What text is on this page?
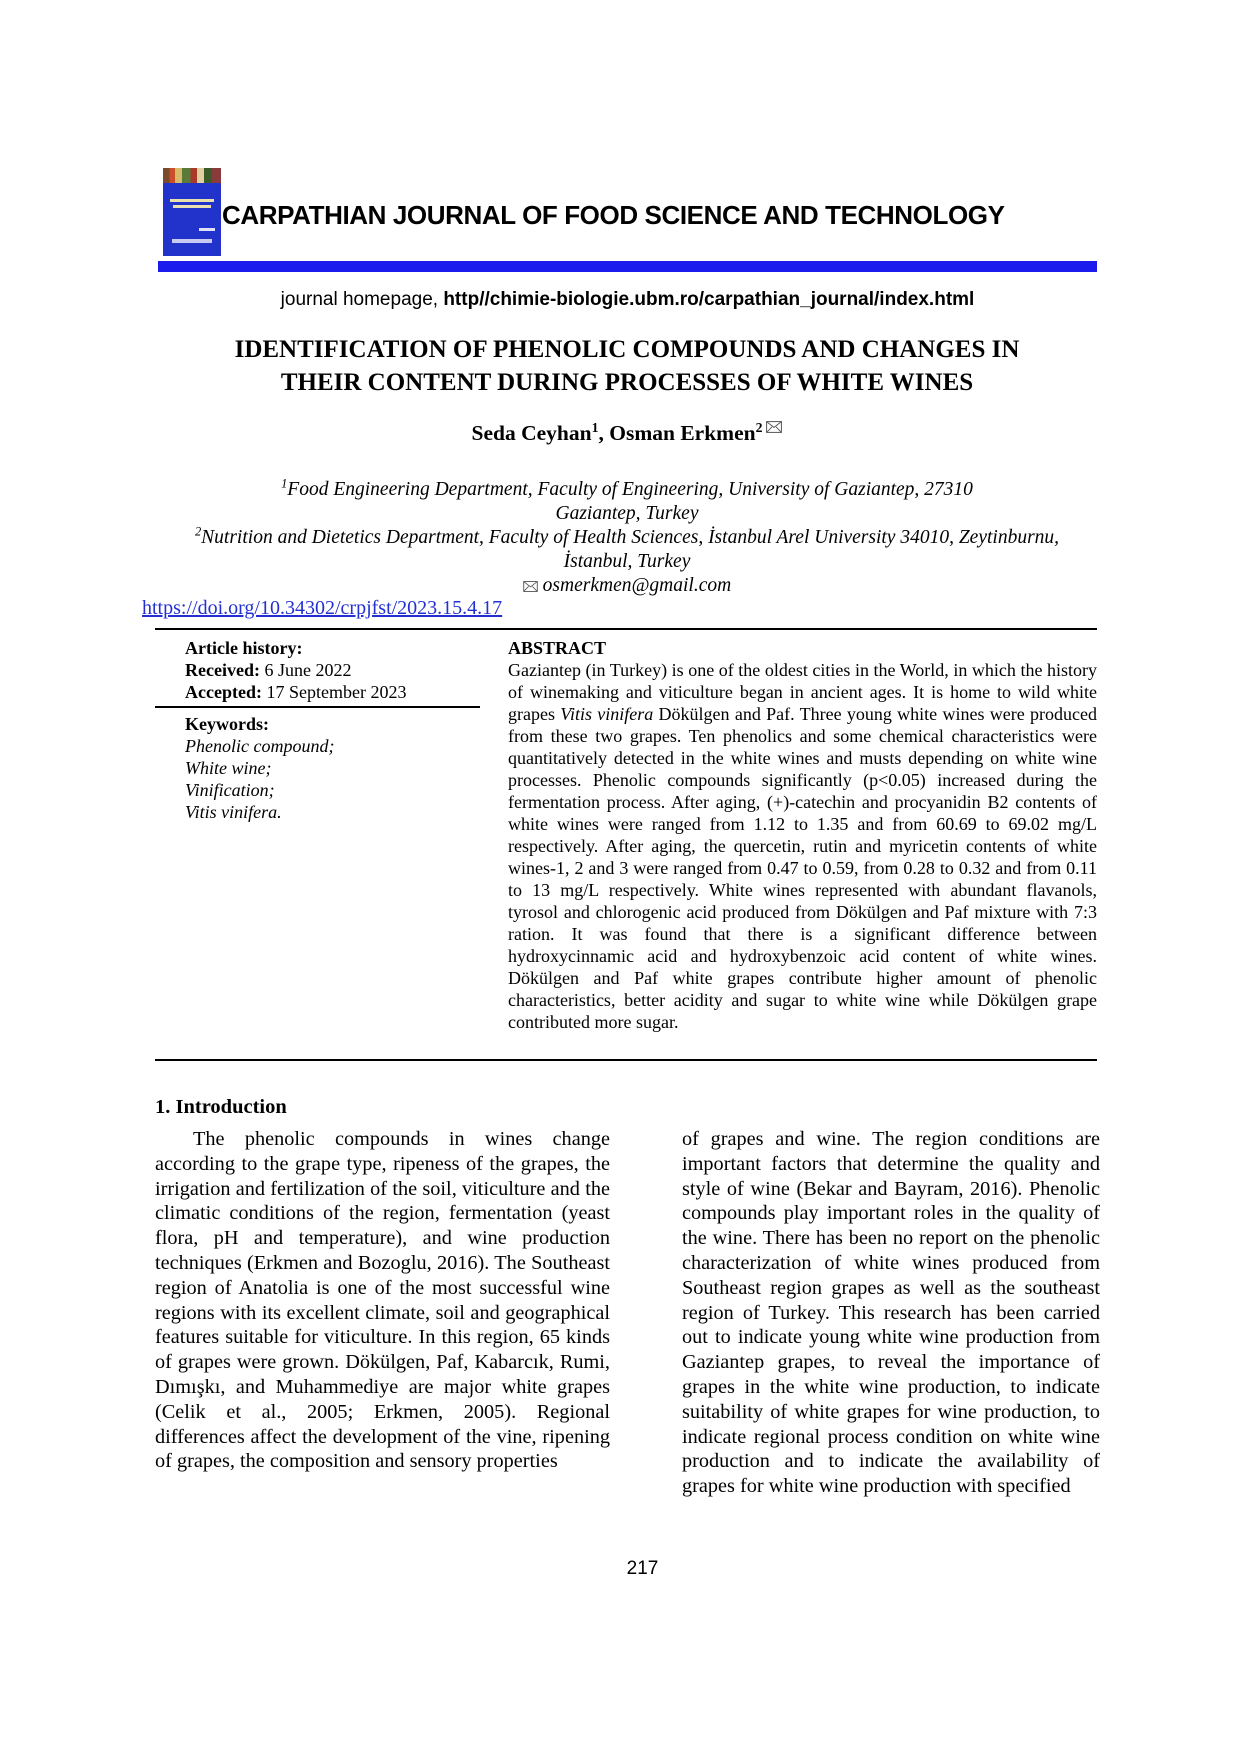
CARPATHIAN JOURNAL OF FOOD SCIENCE AND TECHNOLOGY
journal homepage, http//chimie-biologie.ubm.ro/carpathian_journal/index.html
IDENTIFICATION OF PHENOLIC COMPOUNDS AND CHANGES IN
THEIR CONTENT DURING PROCESSES OF WHITE WINES
Seda Ceyhan$^1$, Osman Erkmen$^2$
$^1$Food Engineering Department, Faculty of Engineering, University of Gaziantep, 27310
Gaziantep, Turkey
$^2$Nutrition and Dietetics Department, Faculty of Health Sciences, İstanbul Arel University 34010, Zeytinburnu,
İstanbul, Turkey
osmerkmen@gmail.com
https://doi.org/10.34302/crpjfst/2023.15.4.17
Article history:
Received: 6 June 2022
Accepted: 17 September 2023
Keywords:
Phenolic compound;
White wine;
Vinification;
Vitis vinifera.
ABSTRACT
Gaziantep (in Turkey) is one of the oldest cities in the World, in which the history of winemaking and viticulture began in ancient ages. It is home to wild white grapes Vitis vinifera Dökülgen and Paf. Three young white wines were produced from these two grapes. Ten phenolics and some chemical characteristics were quantitatively detected in the white wines and musts depending on white wine processes. Phenolic compounds significantly (p<0.05) increased during the fermentation process. After aging, (+)-catechin and procyanidin B2 contents of white wines were ranged from 1.12 to 1.35 and from 60.69 to 69.02 mg/L respectively. After aging, the quercetin, rutin and myricetin contents of white wines-1, 2 and 3 were ranged from 0.47 to 0.59, from 0.28 to 0.32 and from 0.11 to 13 mg/L respectively. White wines represented with abundant flavanols, tyrosol and chlorogenic acid produced from Dökülgen and Paf mixture with 7:3 ration. It was found that there is a significant difference between hydroxycinnamic acid and hydroxybenzoic acid content of white wines. Dökülgen and Paf white grapes contribute higher amount of phenolic characteristics, better acidity and sugar to white wine while Dökülgen grape contributed more sugar.
1. Introduction

The phenolic compounds in wines change according to the grape type, ripeness of the grapes, the irrigation and fertilization of the soil, viticulture and the climatic conditions of the region, fermentation (yeast flora, pH and temperature), and wine production techniques (Erkmen and Bozoglu, 2016). The Southeast region of Anatolia is one of the most successful wine regions with its excellent climate, soil and geographical features suitable for viticulture. In this region, 65 kinds of grapes were grown. Dökülgen, Paf, Kabarcık, Rumi, Dımışkı, and Muhammediye are major white grapes (Celik et al., 2005; Erkmen, 2005). Regional differences affect the development of the vine, ripening of grapes, the composition and sensory properties

of grapes and wine. The region conditions are important factors that determine the quality and style of wine (Bekar and Bayram, 2016). Phenolic compounds play important roles in the quality of the wine. There has been no report on the phenolic characterization of white wines produced from Southeast region grapes as well as the southeast region of Turkey. This research has been carried out to indicate young white wine production from Gaziantep grapes, to reveal the importance of grapes in the white wine production, to indicate suitability of white grapes for wine production, to indicate regional process condition on white wine production and to indicate the availability of grapes for white wine production with specified

217
